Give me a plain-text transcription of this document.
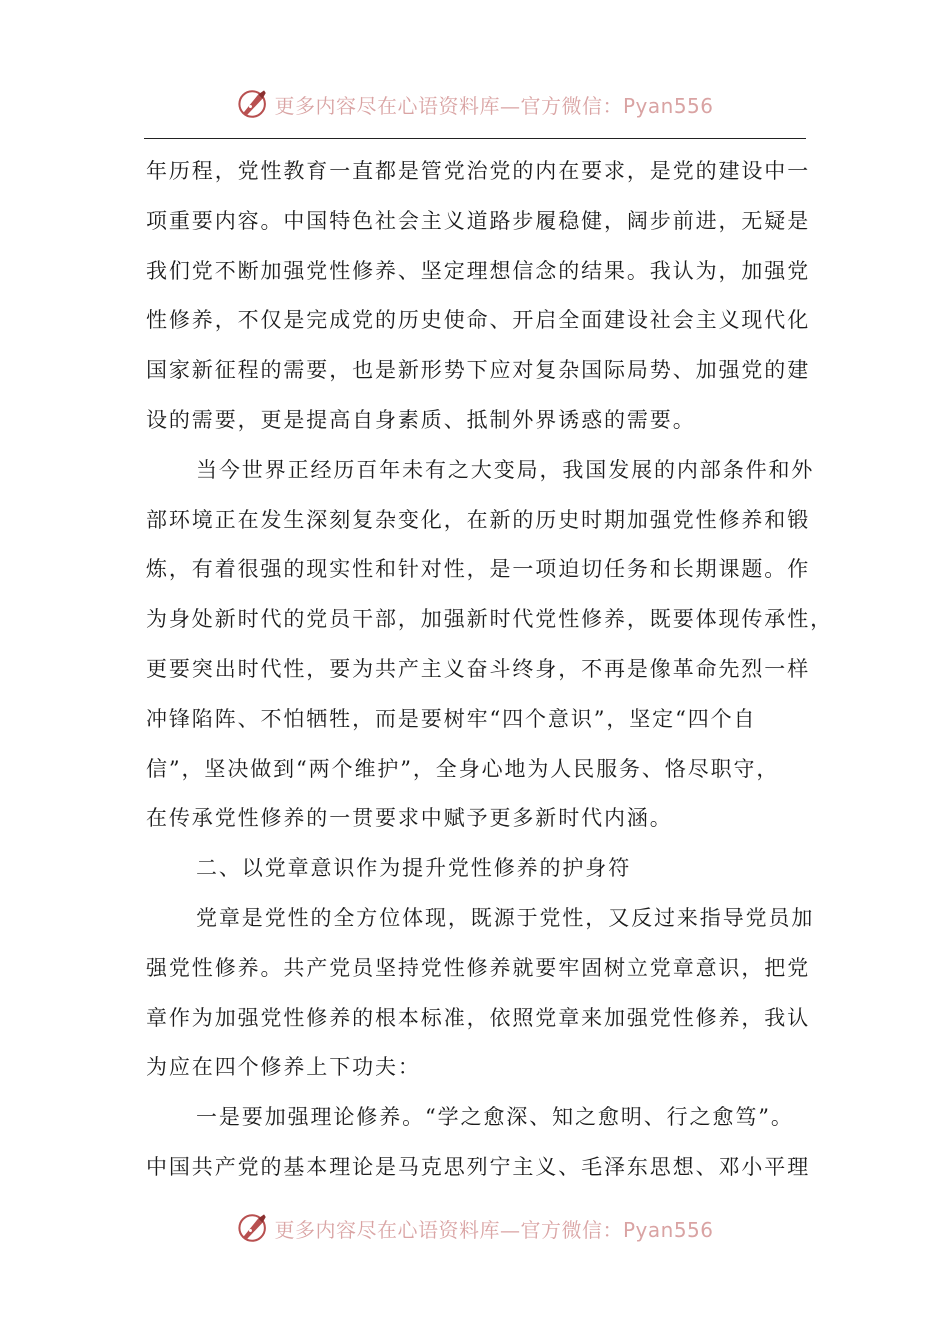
更多内容尽在心语资料库—官方微信：Pyan556
年历程，党性教育一直都是管党治党的内在要求，是党的建设中一
项重要内容。中国特色社会主义道路步履稳健，阔步前进，无疑是
我们党不断加强党性修养、坚定理想信念的结果。我认为，加强党
性修养，不仅是完成党的历史使命、开启全面建设社会主义现代化
国家新征程的需要，也是新形势下应对复杂国际局势、加强党的建
设的需要，更是提高自身素质、抵制外界诱惑的需要。
当今世界正经历百年未有之大变局，我国发展的内部条件和外
部环境正在发生深刻复杂变化，在新的历史时期加强党性修养和锻
炼，有着很强的现实性和针对性，是一项迫切任务和长期课题。作
为身处新时代的党员干部，加强新时代党性修养，既要体现传承性，
更要突出时代性，要为共产主义奋斗终身，不再是像革命先烈一样
冲锋陷阵、不怕牺牲，而是要树牢“四个意识”，坚定“四个自
信”，坚决做到“两个维护”，全身心地为人民服务、恪尽职守，
在传承党性修养的一贯要求中赋予更多新时代内涵。
二、以党章意识作为提升党性修养的护身符
党章是党性的全方位体现，既源于党性，又反过来指导党员加
强党性修养。共产党员坚持党性修养就要牢固树立党章意识，把党
章作为加强党性修养的根本标准，依照党章来加强党性修养，我认
为应在四个修养上下功夫：
一是要加强理论修养。“学之愈深、知之愈明、行之愈笃”。
中国共产党的基本理论是马克思列宁主义、毛泽东思想、邓小平理
更多内容尽在心语资料库—官方微信：Pyan556
